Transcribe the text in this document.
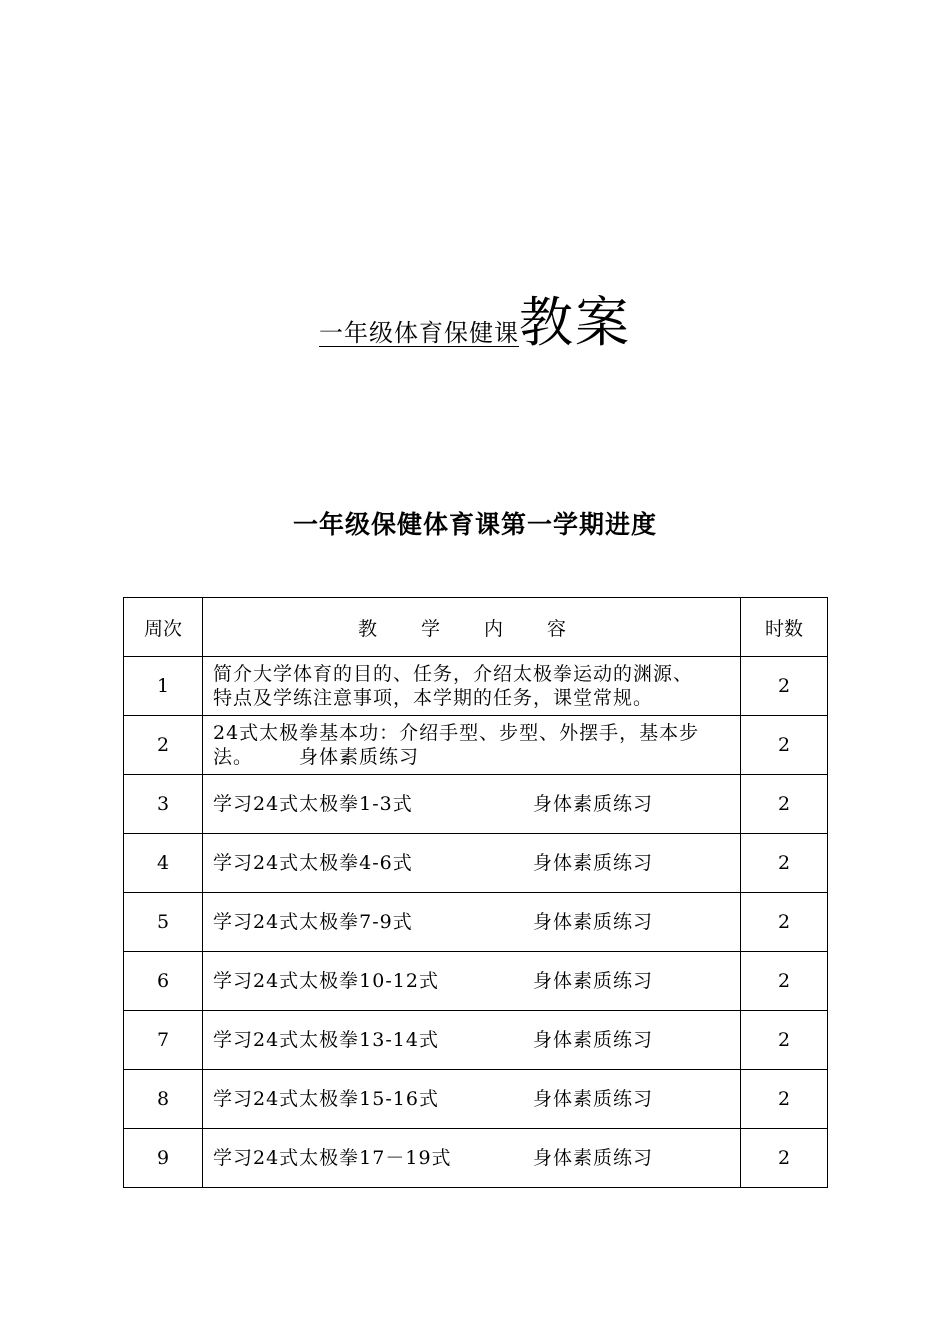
一年级体育保健课教案
一年级保健体育课第一学期进度
周次	教 学 内 容	时数
1	简介大学体育的目的、任务，介绍太极拳运动的渊源、
特点及学练注意事项，本学期的任务，课堂常规。	2
2	24式太极拳基本功：介绍手型、步型、外摆手，基本步
法。 身体素质练习	2
3	学习24式太极拳1-3式 身体素质练习	2
4	学习24式太极拳4-6式 身体素质练习	2
5	学习24式太极拳7-9式 身体素质练习	2
6	学习24式太极拳10-12式 身体素质练习	2
7	学习24式太极拳13-14式 身体素质练习	2
8	学习24式太极拳15-16式 身体素质练习	2
9	学习24式太极拳17－19式 身体素质练习	2
